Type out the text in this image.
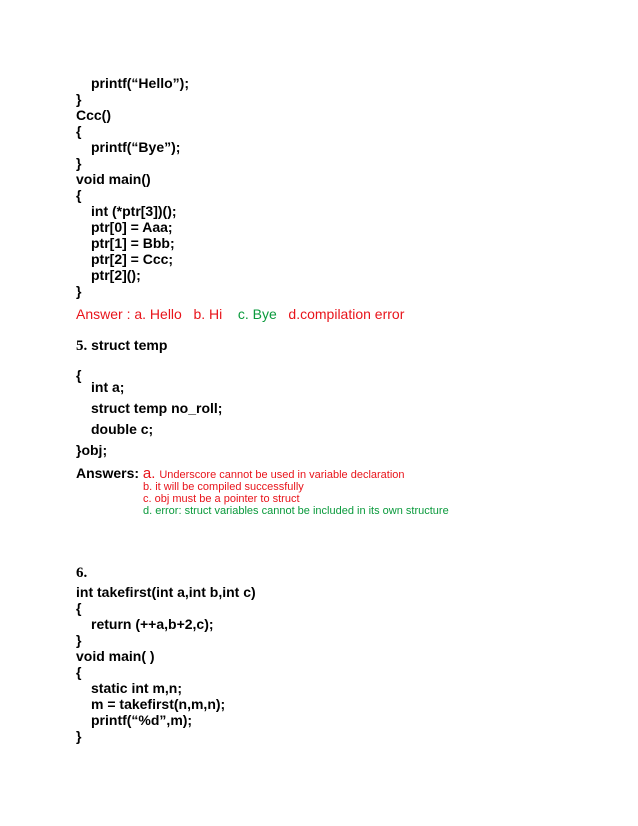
printf(“Hello”);
}
Ccc()
{
printf(“Bye”);
}
void main()
{
int (*ptr[3])();
ptr[0] = Aaa;
ptr[1] = Bbb;
ptr[2] = Ccc;
ptr[2]();
}
Answer : a. Hello   b. Hi    c. Bye   d.compilation error
5. struct temp
{
int a;
struct temp no_roll;
double c;
}obj;
Answers: a. Underscore cannot be used in variable declaration
b. it will be compiled successfully
c. obj must be a pointer to struct
d. error: struct variables cannot be included in its own structure
6.
int takefirst(int a,int b,int c)
{
return (++a,b+2,c);
}
void main( )
{
static int m,n;
m = takefirst(n,m,n);
printf(“%d”,m);
}
